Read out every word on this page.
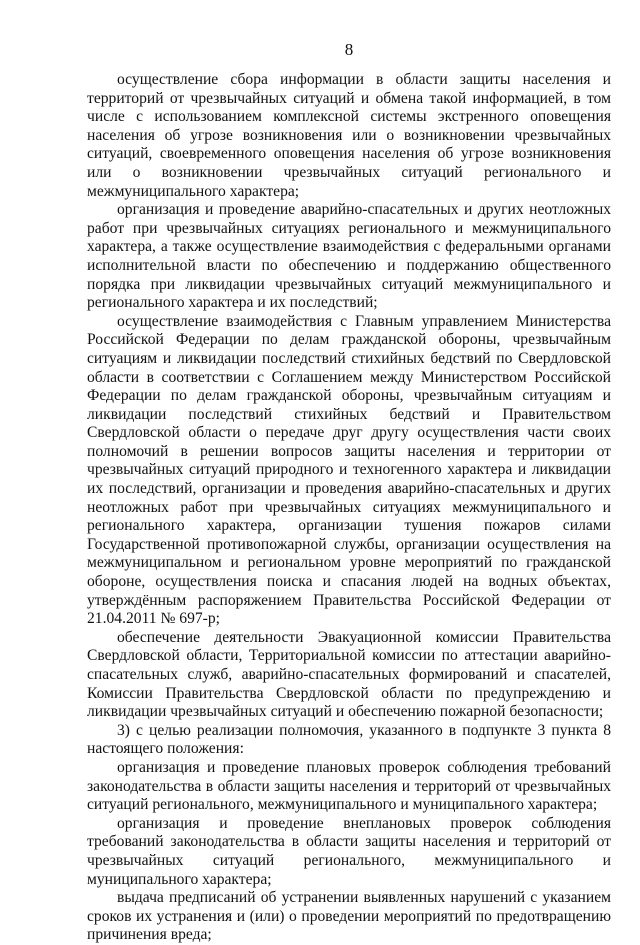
8

осуществление сбора информации в области защиты населения и территорий от чрезвычайных ситуаций и обмена такой информацией, в том числе с использованием комплексной системы экстренного оповещения населения об угрозе возникновения или о возникновении чрезвычайных ситуаций, своевременного оповещения населения об угрозе возникновения или о возникновении чрезвычайных ситуаций регионального и межмуниципального характера;

организация и проведение аварийно-спасательных и других неотложных работ при чрезвычайных ситуациях регионального и межмуниципального характера, а также осуществление взаимодействия с федеральными органами исполнительной власти по обеспечению и поддержанию общественного порядка при ликвидации чрезвычайных ситуаций межмуниципального и регионального характера и их последствий;

осуществление взаимодействия с Главным управлением Министерства Российской Федерации по делам гражданской обороны, чрезвычайным ситуациям и ликвидации последствий стихийных бедствий по Свердловской области в соответствии с Соглашением между Министерством Российской Федерации по делам гражданской обороны, чрезвычайным ситуациям и ликвидации последствий стихийных бедствий и Правительством Свердловской области о передаче друг другу осуществления части своих полномочий в решении вопросов защиты населения и территории от чрезвычайных ситуаций природного и техногенного характера и ликвидации их последствий, организации и проведения аварийно-спасательных и других неотложных работ при чрезвычайных ситуациях межмуниципального и регионального характера, организации тушения пожаров силами Государственной противопожарной службы, организации осуществления на межмуниципальном и региональном уровне мероприятий по гражданской обороне, осуществления поиска и спасания людей на водных объектах, утверждённым распоряжением Правительства Российской Федерации от 21.04.2011 № 697-р;

обеспечение деятельности Эвакуационной комиссии Правительства Свердловской области, Территориальной комиссии по аттестации аварийно-спасательных служб, аварийно-спасательных формирований и спасателей, Комиссии Правительства Свердловской области по предупреждению и ликвидации чрезвычайных ситуаций и обеспечению пожарной безопасности;

3) с целью реализации полномочия, указанного в подпункте 3 пункта 8 настоящего положения:

организация и проведение плановых проверок соблюдения требований законодательства в области защиты населения и территорий от чрезвычайных ситуаций регионального, межмуниципального и муниципального характера;

организация и проведение внеплановых проверок соблюдения требований законодательства в области защиты населения и территорий от чрезвычайных ситуаций регионального, межмуниципального и муниципального характера;

выдача предписаний об устранении выявленных нарушений с указанием сроков их устранения и (или) о проведении мероприятий по предотвращению причинения вреда;
